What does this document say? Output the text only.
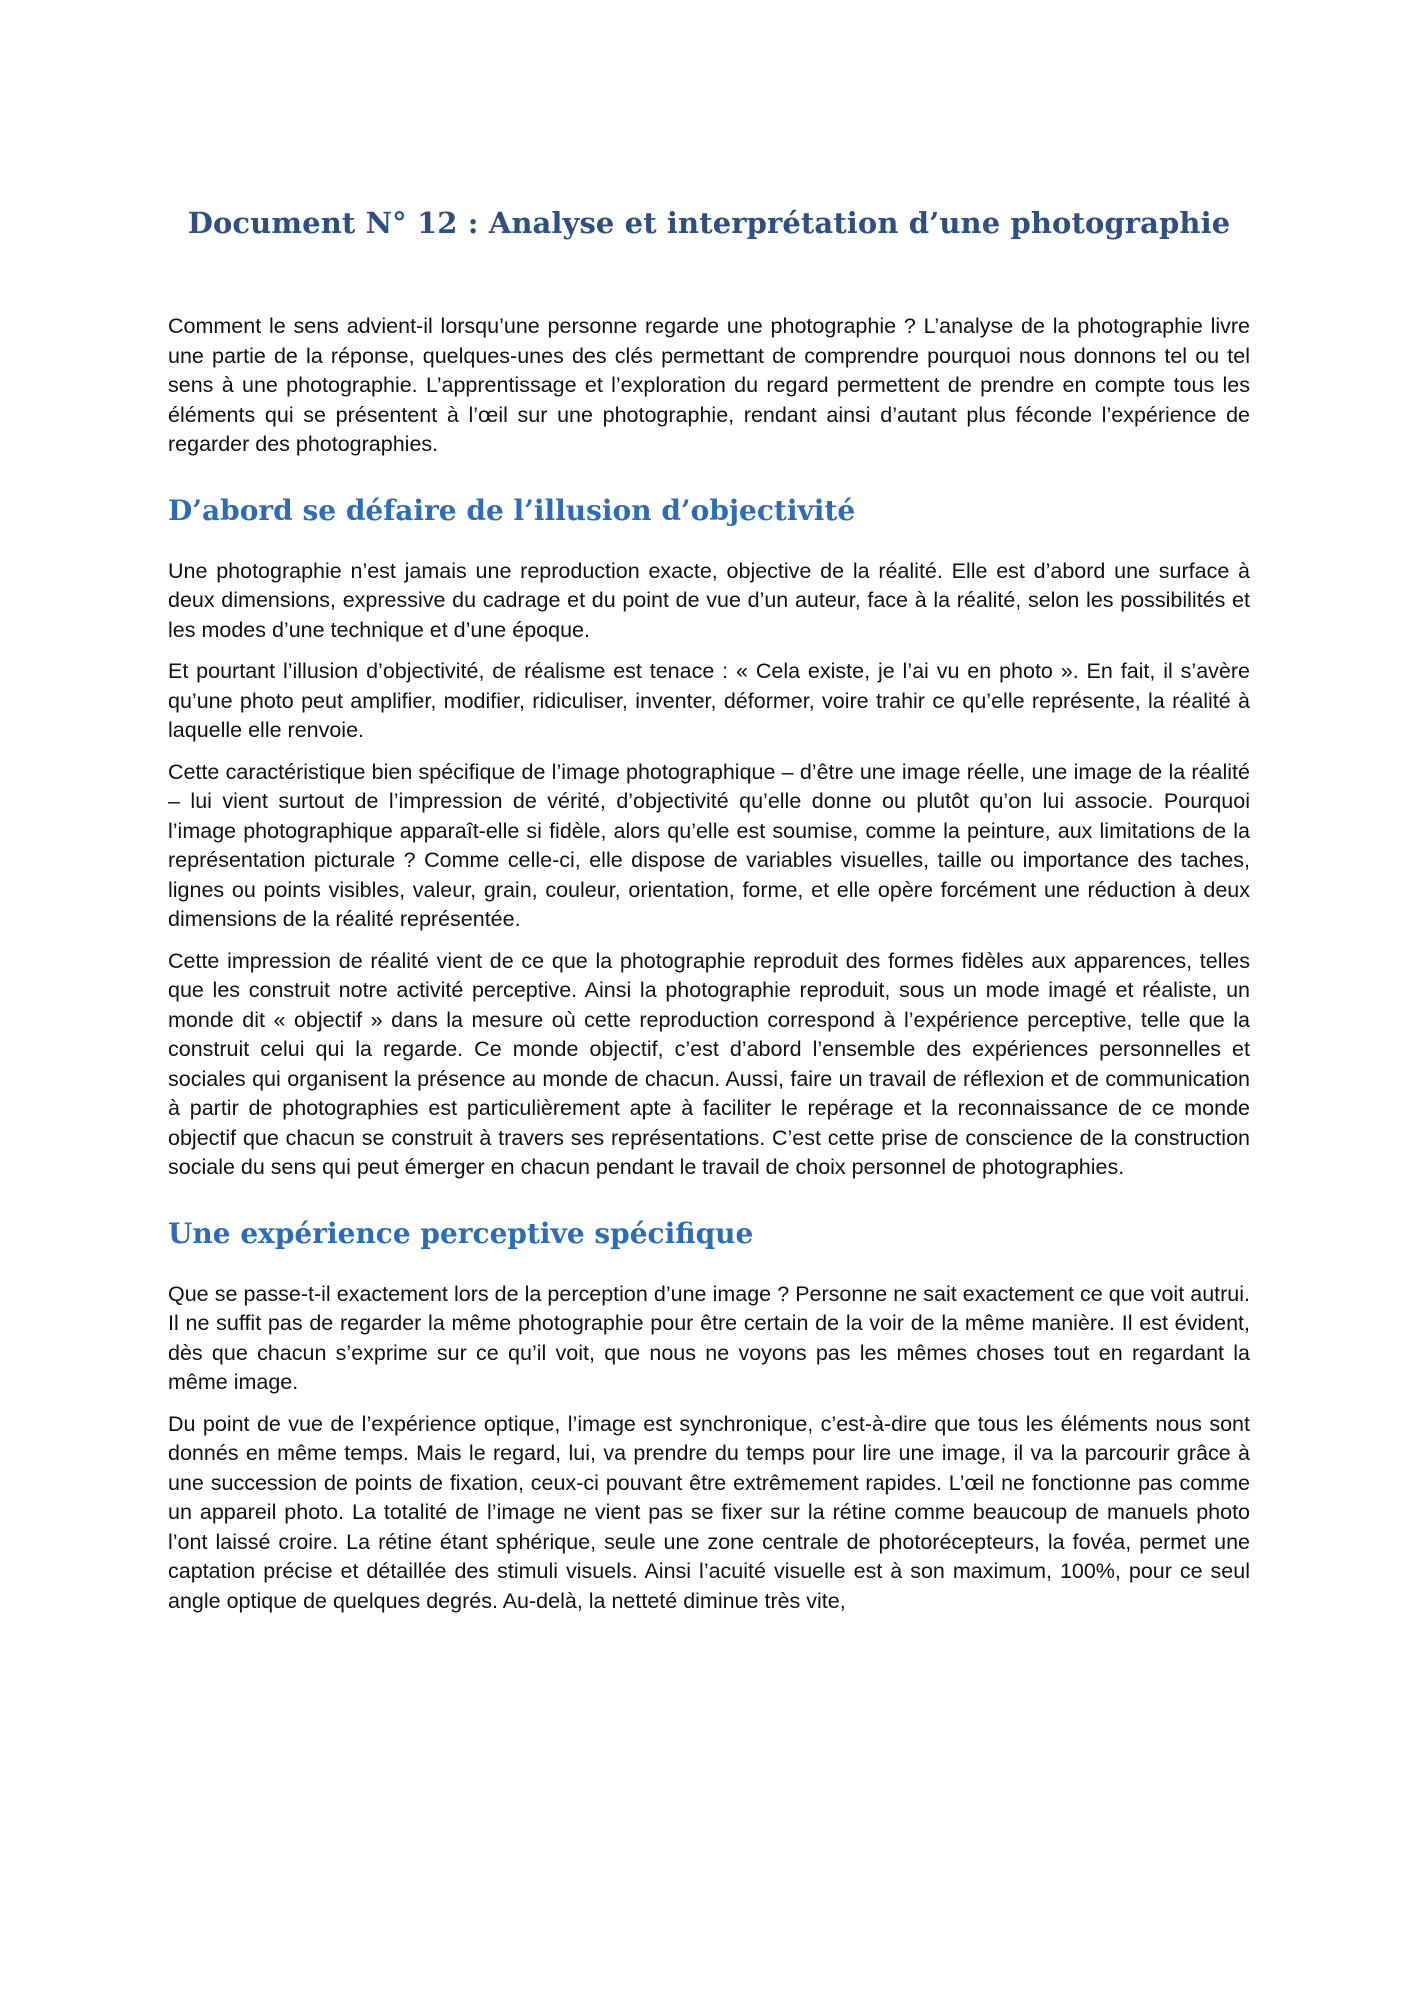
Document N° 12 : Analyse et interprétation d’une photographie

Comment le sens advient-il lorsqu’une personne regarde une photographie ? L’analyse de la photographie livre une partie de la réponse, quelques-unes des clés permettant de comprendre pourquoi nous donnons tel ou tel sens à une photographie. L’apprentissage et l’exploration du regard permettent de prendre en compte tous les éléments qui se présentent à l’œil sur une photographie, rendant ainsi d’autant plus féconde l’expérience de regarder des photographies.

D’abord se défaire de l’illusion d’objectivité

Une photographie n’est jamais une reproduction exacte, objective de la réalité. Elle est d’abord une surface à deux dimensions, expressive du cadrage et du point de vue d’un auteur, face à la réalité, selon les possibilités et les modes d’une technique et d’une époque.

Et pourtant l’illusion d’objectivité, de réalisme est tenace : « Cela existe, je l’ai vu en photo ». En fait, il s’avère qu’une photo peut amplifier, modifier, ridiculiser, inventer, déformer, voire trahir ce qu’elle représente, la réalité à laquelle elle renvoie.

Cette caractéristique bien spécifique de l’image photographique – d’être une image réelle, une image de la réalité – lui vient surtout de l’impression de vérité, d’objectivité qu’elle donne ou plutôt qu’on lui associe. Pourquoi l’image photographique apparaît-elle si fidèle, alors qu’elle est soumise, comme la peinture, aux limitations de la représentation picturale ? Comme celle-ci, elle dispose de variables visuelles, taille ou importance des taches, lignes ou points visibles, valeur, grain, couleur, orientation, forme, et elle opère forcément une réduction à deux dimensions de la réalité représentée.

Cette impression de réalité vient de ce que la photographie reproduit des formes fidèles aux apparences, telles que les construit notre activité perceptive. Ainsi la photographie reproduit, sous un mode imagé et réaliste, un monde dit « objectif » dans la mesure où cette reproduction correspond à l’expérience perceptive, telle que la construit celui qui la regarde. Ce monde objectif, c’est d’abord l’ensemble des expériences personnelles et sociales qui organisent la présence au monde de chacun. Aussi, faire un travail de réflexion et de communication à partir de photographies est particulièrement apte à faciliter le repérage et la reconnaissance de ce monde objectif que chacun se construit à travers ses représentations. C’est cette prise de conscience de la construction sociale du sens qui peut émerger en chacun pendant le travail de choix personnel de photographies.

Une expérience perceptive spécifique

Que se passe-t-il exactement lors de la perception d’une image ? Personne ne sait exactement ce que voit autrui. Il ne suffit pas de regarder la même photographie pour être certain de la voir de la même manière. Il est évident, dès que chacun s’exprime sur ce qu’il voit, que nous ne voyons pas les mêmes choses tout en regardant la même image.

Du point de vue de l’expérience optique, l’image est synchronique, c’est-à-dire que tous les éléments nous sont donnés en même temps. Mais le regard, lui, va prendre du temps pour lire une image, il va la parcourir grâce à une succession de points de fixation, ceux-ci pouvant être extrêmement rapides. L’œil ne fonctionne pas comme un appareil photo. La totalité de l’image ne vient pas se fixer sur la rétine comme beaucoup de manuels photo l’ont laissé croire. La rétine étant sphérique, seule une zone centrale de photorécepteurs, la fovéa, permet une captation précise et détaillée des stimuli visuels. Ainsi l’acuité visuelle est à son maximum, 100%, pour ce seul angle optique de quelques degrés. Au-delà, la netteté diminue très vite,
